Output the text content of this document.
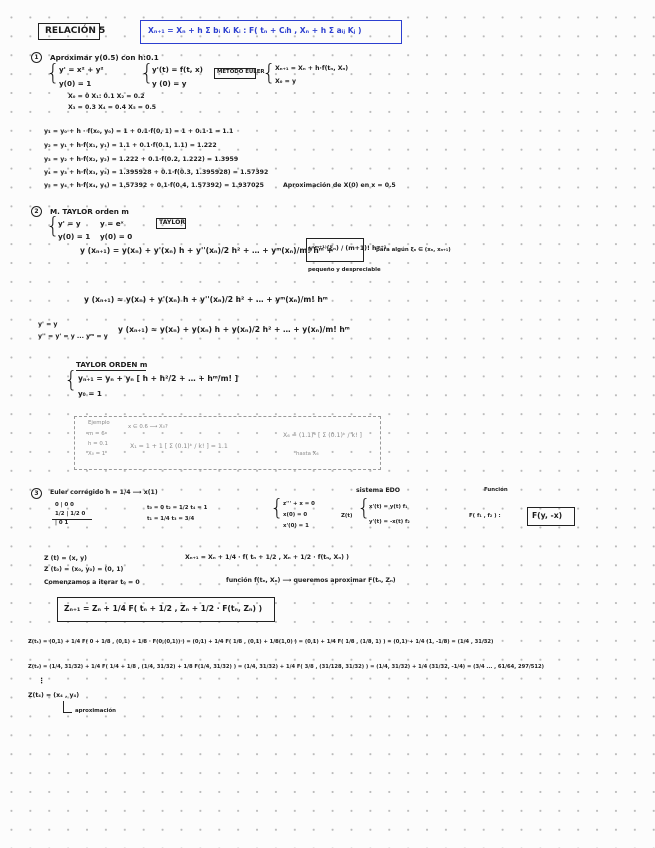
RELACIÓN 5	Xₙ₊₁ = Xₙ + h Σ bᵢ Kᵢ Kᵢ : F( tₙ + Cᵢh , Xₙ + h Σ aᵢⱼ Kⱼ )
1	Aproximar y(0.5) con h:0.1
{ y' = x² + y²
y(0) = 1 {
y'(t) = f(t, x)
y (0) = y
MÉTODO EULER
{ Xₙ₊₁ = Xₙ + h·f(tₙ, Xₙ)
X₀ = y
X₀ = 0 X₁: 0.1 X₂ = 0.2
X₃ = 0.3 X₄ = 0.4 X₅ = 0.5
y₁ = y₀ + h · f(x₀, y₀) = 1 + 0.1·f(0, 1) = 1 + 0.1·1 = 1.1
y₂ = y₁ + h·f(x₁, y₁) = 1.1 + 0.1·f(0.1, 1.1) = 1.222
y₃ = y₂ + h·f(x₂, y₂) = 1.222 + 0.1·f(0.2, 1.222) = 1.3959
y₄ = y₃ + h·f(x₃, y₃) = 1.395928 + 0.1·f(0.3, 1.395928) = 1.57392
y₅ = y₄ + h·f(x₄, y₄) = 1.57392 + 0.1·f(0.4, 1.57392) = 1.937025	Aproximación de X(0) en x = 0.5
2	M. TAYLOR orden m
{
y' = y
y(0) = 1
y = eˣ
y(0) = 0
TAYLOR
y (xₙ₊₁) = y(xₙ) + y'(xₙ) h + y''(xₙ)/2 h² + … + yᵐ(xₙ)/m! hᵐ +
y⁽ᵐ⁺¹⁾(ξₙ) / (m+1)! hᵐ⁺¹
para algún ξₙ ∈ (xₙ, xₙ₊₁)
pequeño y despreciable
y (xₙ₊₁) ≈ y(xₙ) + y'(xₙ) h + y''(xₙ)/2 h² + … + yᵐ(xₙ)/m! hᵐ
y' = y
y'' = y' = y ... yᵐ = y
y (xₙ₊₁) ≈ y(xₙ) + y(xₙ) h + y(xₙ)/2 h² + … + y(xₙ)/m! hᵐ
TAYLOR ORDEN m
{ yₙ₊₁ = yₙ + yₙ [ h + h²/2 + … + hᵐ/m! ]
y₀ = 1
Ejemplo
m = 6
h = 0.1
X₀ = 1
x ∈ 0.6 ⟶ X₀?
X₁ = 1 + 1 [ Σ (0.1)ᵏ / k! ] = 1.1
X₆ = (1.1)⁶ [ Σ (0.1)ᵏ / k! ]
hasta X₆
3	Euler corregido h = 1/4 ⟶ x(1)
0 | 0 0
1/2 | 1/2 0
| 0 1
t₀ = 0 t₂ = 1/2 t₄ = 1
t₁ = 1/4 t₃ = 3/4
sistema EDO	Función
{ z''' + x = 0
x(0) = 0
x'(0) = 1
Z(t) {
x'(t) = y(t) f₁
y'(t) = -x(t) f₂
F( f₁ , f₂ ) :	F(y, -x)
Z (t) = (x, y)
Z (t₀) = (x₀, y₀) = (0, 1)
Comenzamos a iterar t₀ = 0
Xₙ₊₁ = Xₙ + 1/4 · f( tₙ + 1/2 , Xₙ + 1/2 · f(tₙ, Xₙ) )
función f(tₙ, Xₙ) ⟶ queremos aproximar F(tₙ, Zₙ)
Zₙ₊₁ = Zₙ + 1/4 F( tₙ + 1/2 , Zₙ + 1/2 · F(tₙ, Zₙ) )
Z(t₁) = (0,1) + 1/4 F( 0 + 1/8 , (0,1) + 1/8 · F(0,(0,1)) ) = (0,1) + 1/4 F( 1/8 , (0,1) + 1/8(1,0) ) = (0,1) + 1/4 F( 1/8 , (1/8, 1) ) = (0,1) + 1/4 (1, -1/8) = (1/4 , 31/32)
Z(t₂) = (1/4, 31/32) + 1/4 F( 1/4 + 1/8 , (1/4, 31/32) + 1/8 F(1/4, 31/32) ) = (1/4, 31/32) + 1/4 F( 3/8 , (31/128, 31/32) ) = (1/4, 31/32) + 1/4 (31/32, -1/4) = (3/4 ... , 61/64, 297/512)
⋮
Z(t₄) = (x₄ , y₄)
aproximación
